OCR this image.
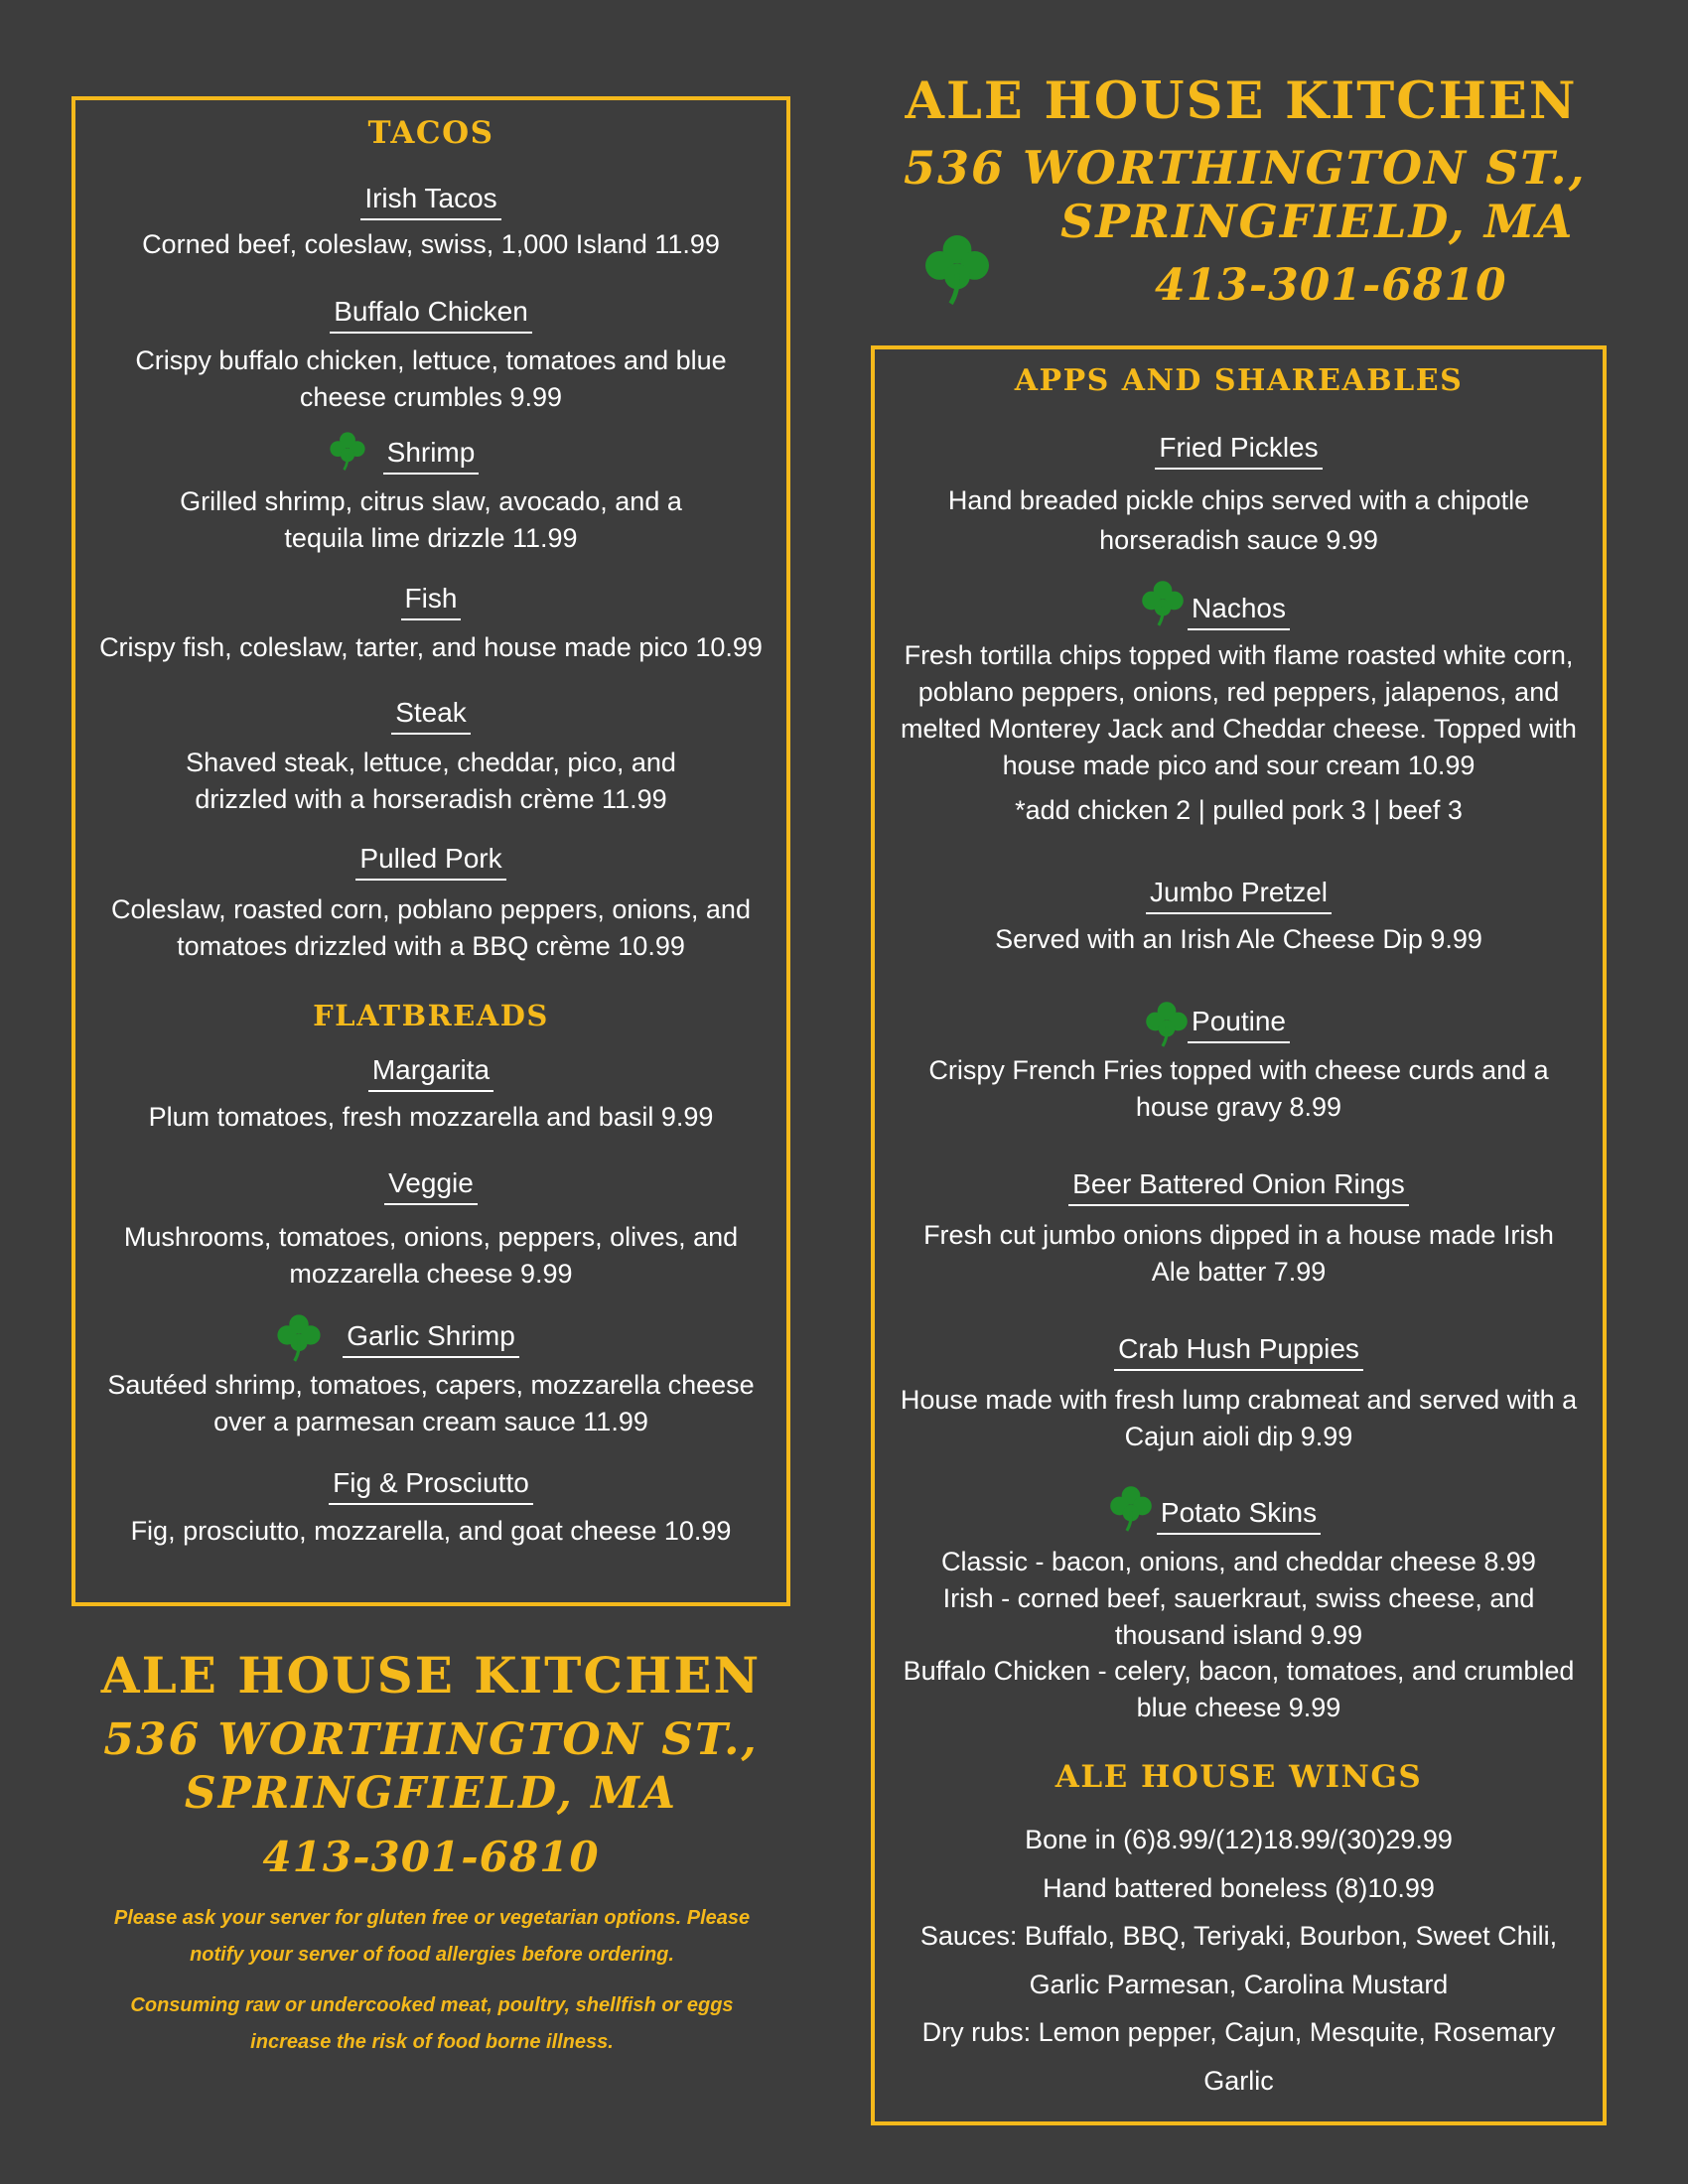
ALE HOUSE KITCHEN
536 WORTHINGTON ST.,
SPRINGFIELD, MA
413-301-6810
TACOS
Irish Tacos
Corned beef, coleslaw, swiss, 1,000 Island 11.99
Buffalo Chicken
Crispy buffalo chicken, lettuce, tomatoes and blue cheese crumbles 9.99
Shrimp
Grilled shrimp, citrus slaw, avocado, and a tequila lime drizzle 11.99
Fish
Crispy fish, coleslaw, tarter, and house made pico 10.99
Steak
Shaved steak, lettuce, cheddar, pico, and drizzled with a horseradish crème 11.99
Pulled Pork
Coleslaw, roasted corn, poblano peppers, onions, and tomatoes drizzled with a BBQ crème 10.99
FLATBREADS
Margarita
Plum tomatoes, fresh mozzarella and basil 9.99
Veggie
Mushrooms, tomatoes, onions, peppers, olives, and mozzarella cheese 9.99
Garlic Shrimp
Sautéed shrimp, tomatoes, capers, mozzarella cheese over a parmesan cream sauce 11.99
Fig & Prosciutto
Fig, prosciutto, mozzarella, and goat cheese 10.99
ALE HOUSE KITCHEN
536 WORTHINGTON ST.,
SPRINGFIELD, MA
413-301-6810
Please ask your server for gluten free or vegetarian options. Please notify your server of food allergies before ordering.
Consuming raw or undercooked meat, poultry, shellfish or eggs increase the risk of food borne illness.
APPS AND SHAREABLES
Fried Pickles
Hand breaded pickle chips served with a chipotle horseradish sauce 9.99
Nachos
Fresh tortilla chips topped with flame roasted white corn, poblano peppers, onions, red peppers, jalapenos, and melted Monterey Jack and Cheddar cheese. Topped with house made pico and sour cream 10.99
*add chicken 2 | pulled pork 3 | beef 3
Jumbo Pretzel
Served with an Irish Ale Cheese Dip 9.99
Poutine
Crispy French Fries topped with cheese curds and a house gravy 8.99
Beer Battered Onion Rings
Fresh cut jumbo onions dipped in a house made Irish Ale batter 7.99
Crab Hush Puppies
House made with fresh lump crabmeat and served with a Cajun aioli dip 9.99
Potato Skins
Classic - bacon, onions, and cheddar cheese 8.99
Irish - corned beef, sauerkraut, swiss cheese, and thousand island 9.99
Buffalo Chicken - celery, bacon, tomatoes, and crumbled blue cheese 9.99
ALE HOUSE WINGS
Bone in (6)8.99/(12)18.99/(30)29.99
Hand battered boneless (8)10.99
Sauces: Buffalo, BBQ, Teriyaki, Bourbon, Sweet Chili,
Garlic Parmesan, Carolina Mustard
Dry rubs: Lemon pepper, Cajun, Mesquite, Rosemary
Garlic
